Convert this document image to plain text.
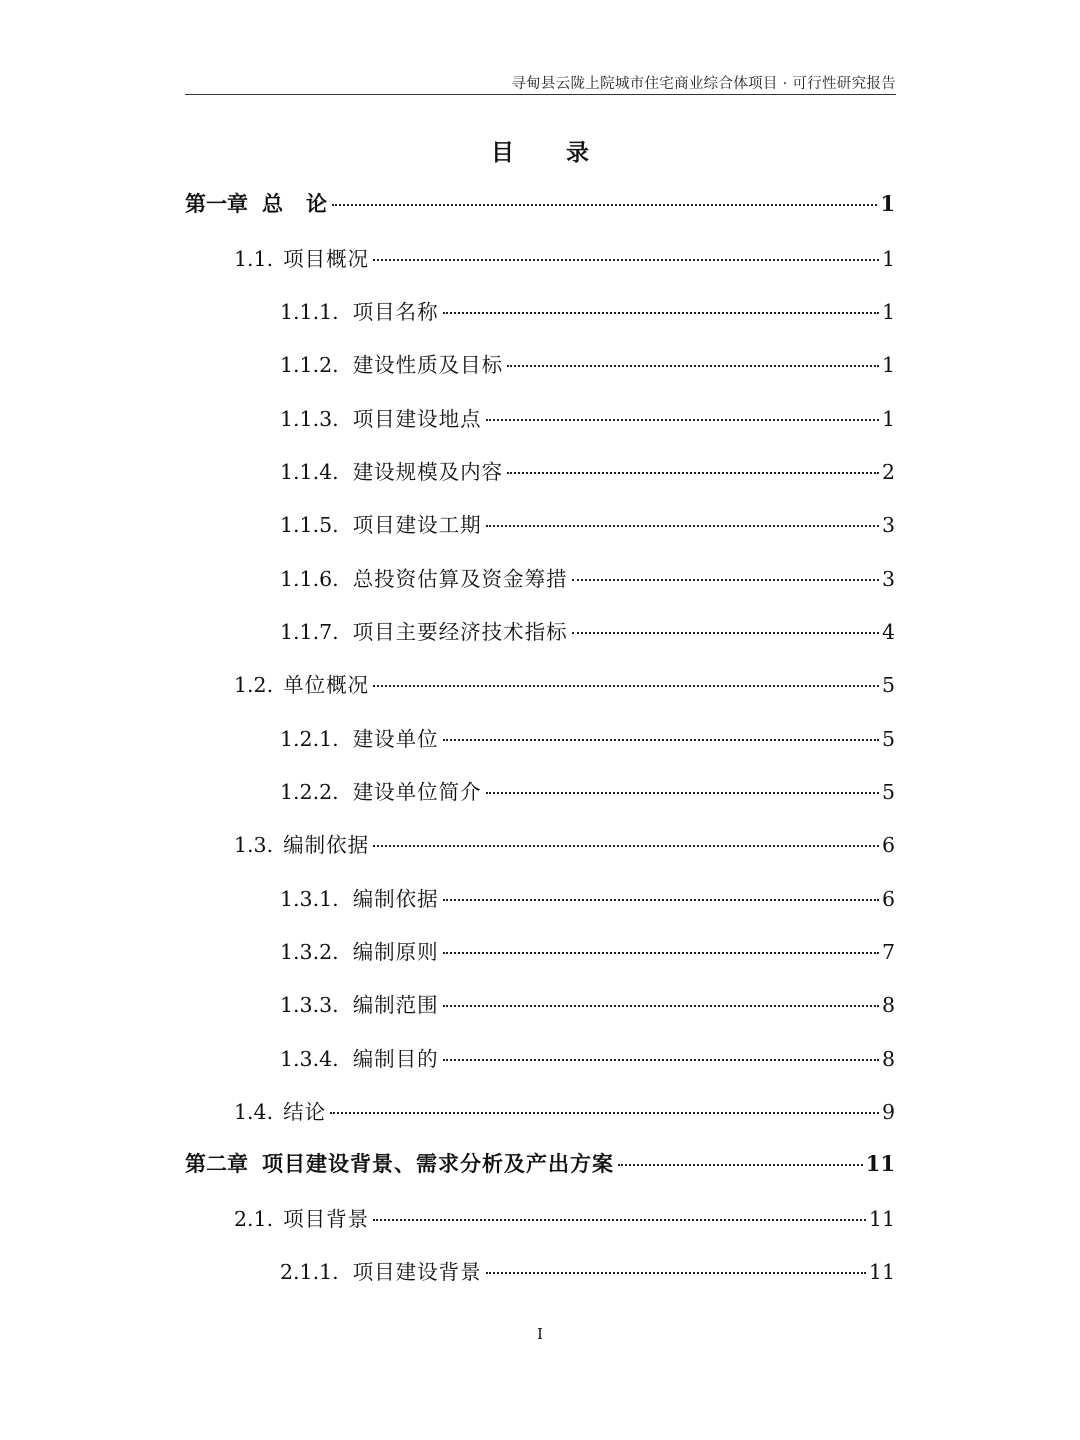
寻甸县云陇上院城市住宅商业综合体项目 · 可行性研究报告
目 录
第一章 总　论	1
1.1. 项目概况	1
1.1.1. 项目名称	1
1.1.2. 建设性质及目标	1
1.1.3. 项目建设地点	1
1.1.4. 建设规模及内容	2
1.1.5. 项目建设工期	3
1.1.6. 总投资估算及资金筹措	3
1.1.7. 项目主要经济技术指标	4
1.2. 单位概况	5
1.2.1. 建设单位	5
1.2.2. 建设单位简介	5
1.3. 编制依据	6
1.3.1. 编制依据	6
1.3.2. 编制原则	7
1.3.3. 编制范围	8
1.3.4. 编制目的	8
1.4. 结论	9
第二章 项目建设背景、需求分析及产出方案	11
2.1. 项目背景	11
2.1.1. 项目建设背景	11
I
